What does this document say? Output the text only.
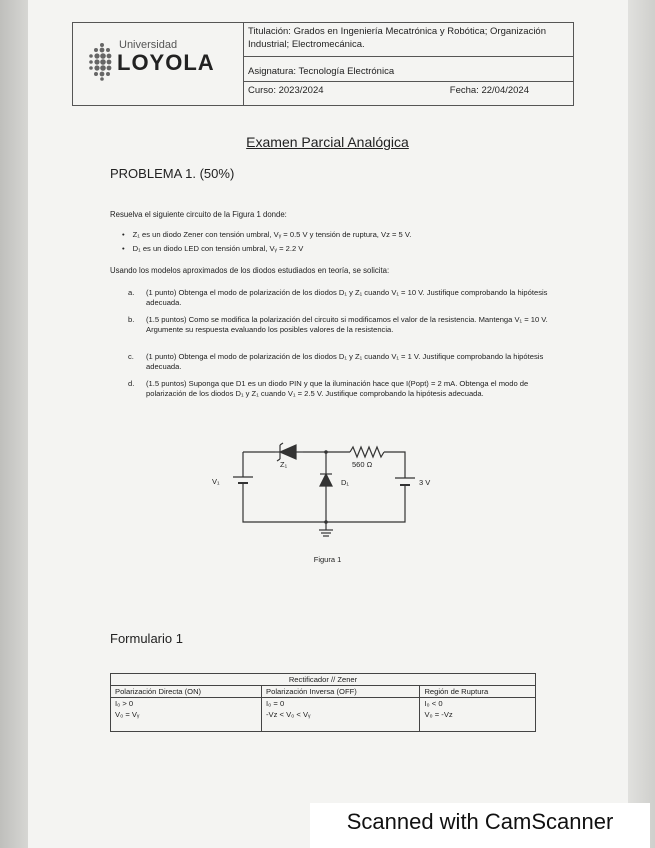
Universidad
LOYOLA
Titulación: Grados en Ingeniería Mecatrónica y Robótica; Organización Industrial; Electromecánica.
Asignatura: Tecnología Electrónica
Curso: 2023/2024	Fecha: 22/04/2024
Examen Parcial Analógica
PROBLEMA 1. (50%)
Resuelva el siguiente circuito de la Figura 1 donde:
• Z₁ es un diodo Zener con tensión umbral, Vᵧ = 0.5 V y tensión de ruptura, Vz = 5 V.
• D₁ es un diodo LED con tensión umbral, Vᵧ = 2.2 V
Usando los modelos aproximados de los diodos estudiados en teoría, se solicita:
a. (1 punto) Obtenga el modo de polarización de los diodos D₁ y Z₁ cuando V₁ = 10 V. Justifique comprobando la hipótesis adecuada.
b. (1.5 puntos) Como se modifica la polarización del circuito si modificamos el valor de la resistencia. Mantenga V₁ = 10 V. Argumente su respuesta evaluando los posibles valores de la resistencia.
c. (1 punto) Obtenga el modo de polarización de los diodos D₁ y Z₁ cuando V₁ = 1 V. Justifique comprobando la hipótesis adecuada.
d. (1.5 puntos) Suponga que D1 es un diodo PIN y que la iluminación hace que I(Popt) = 2 mA. Obtenga el modo de polarización de los diodos D₁ y Z₁ cuando V₁ = 2.5 V. Justifique comprobando la hipótesis adecuada.
Z₁	560 Ω
V₁	D₁	3 V
Figura 1
Formulario 1
Rectificador // Zener		
Polarización Directa (ON)	Polarización Inversa (OFF)	Región de Ruptura
I₀ > 0	I₀ = 0	I₀ < 0
V₀ = Vᵧ	-Vz < V₀ < Vᵧ	V₀ = -Vz
Scanned with CamScanner
